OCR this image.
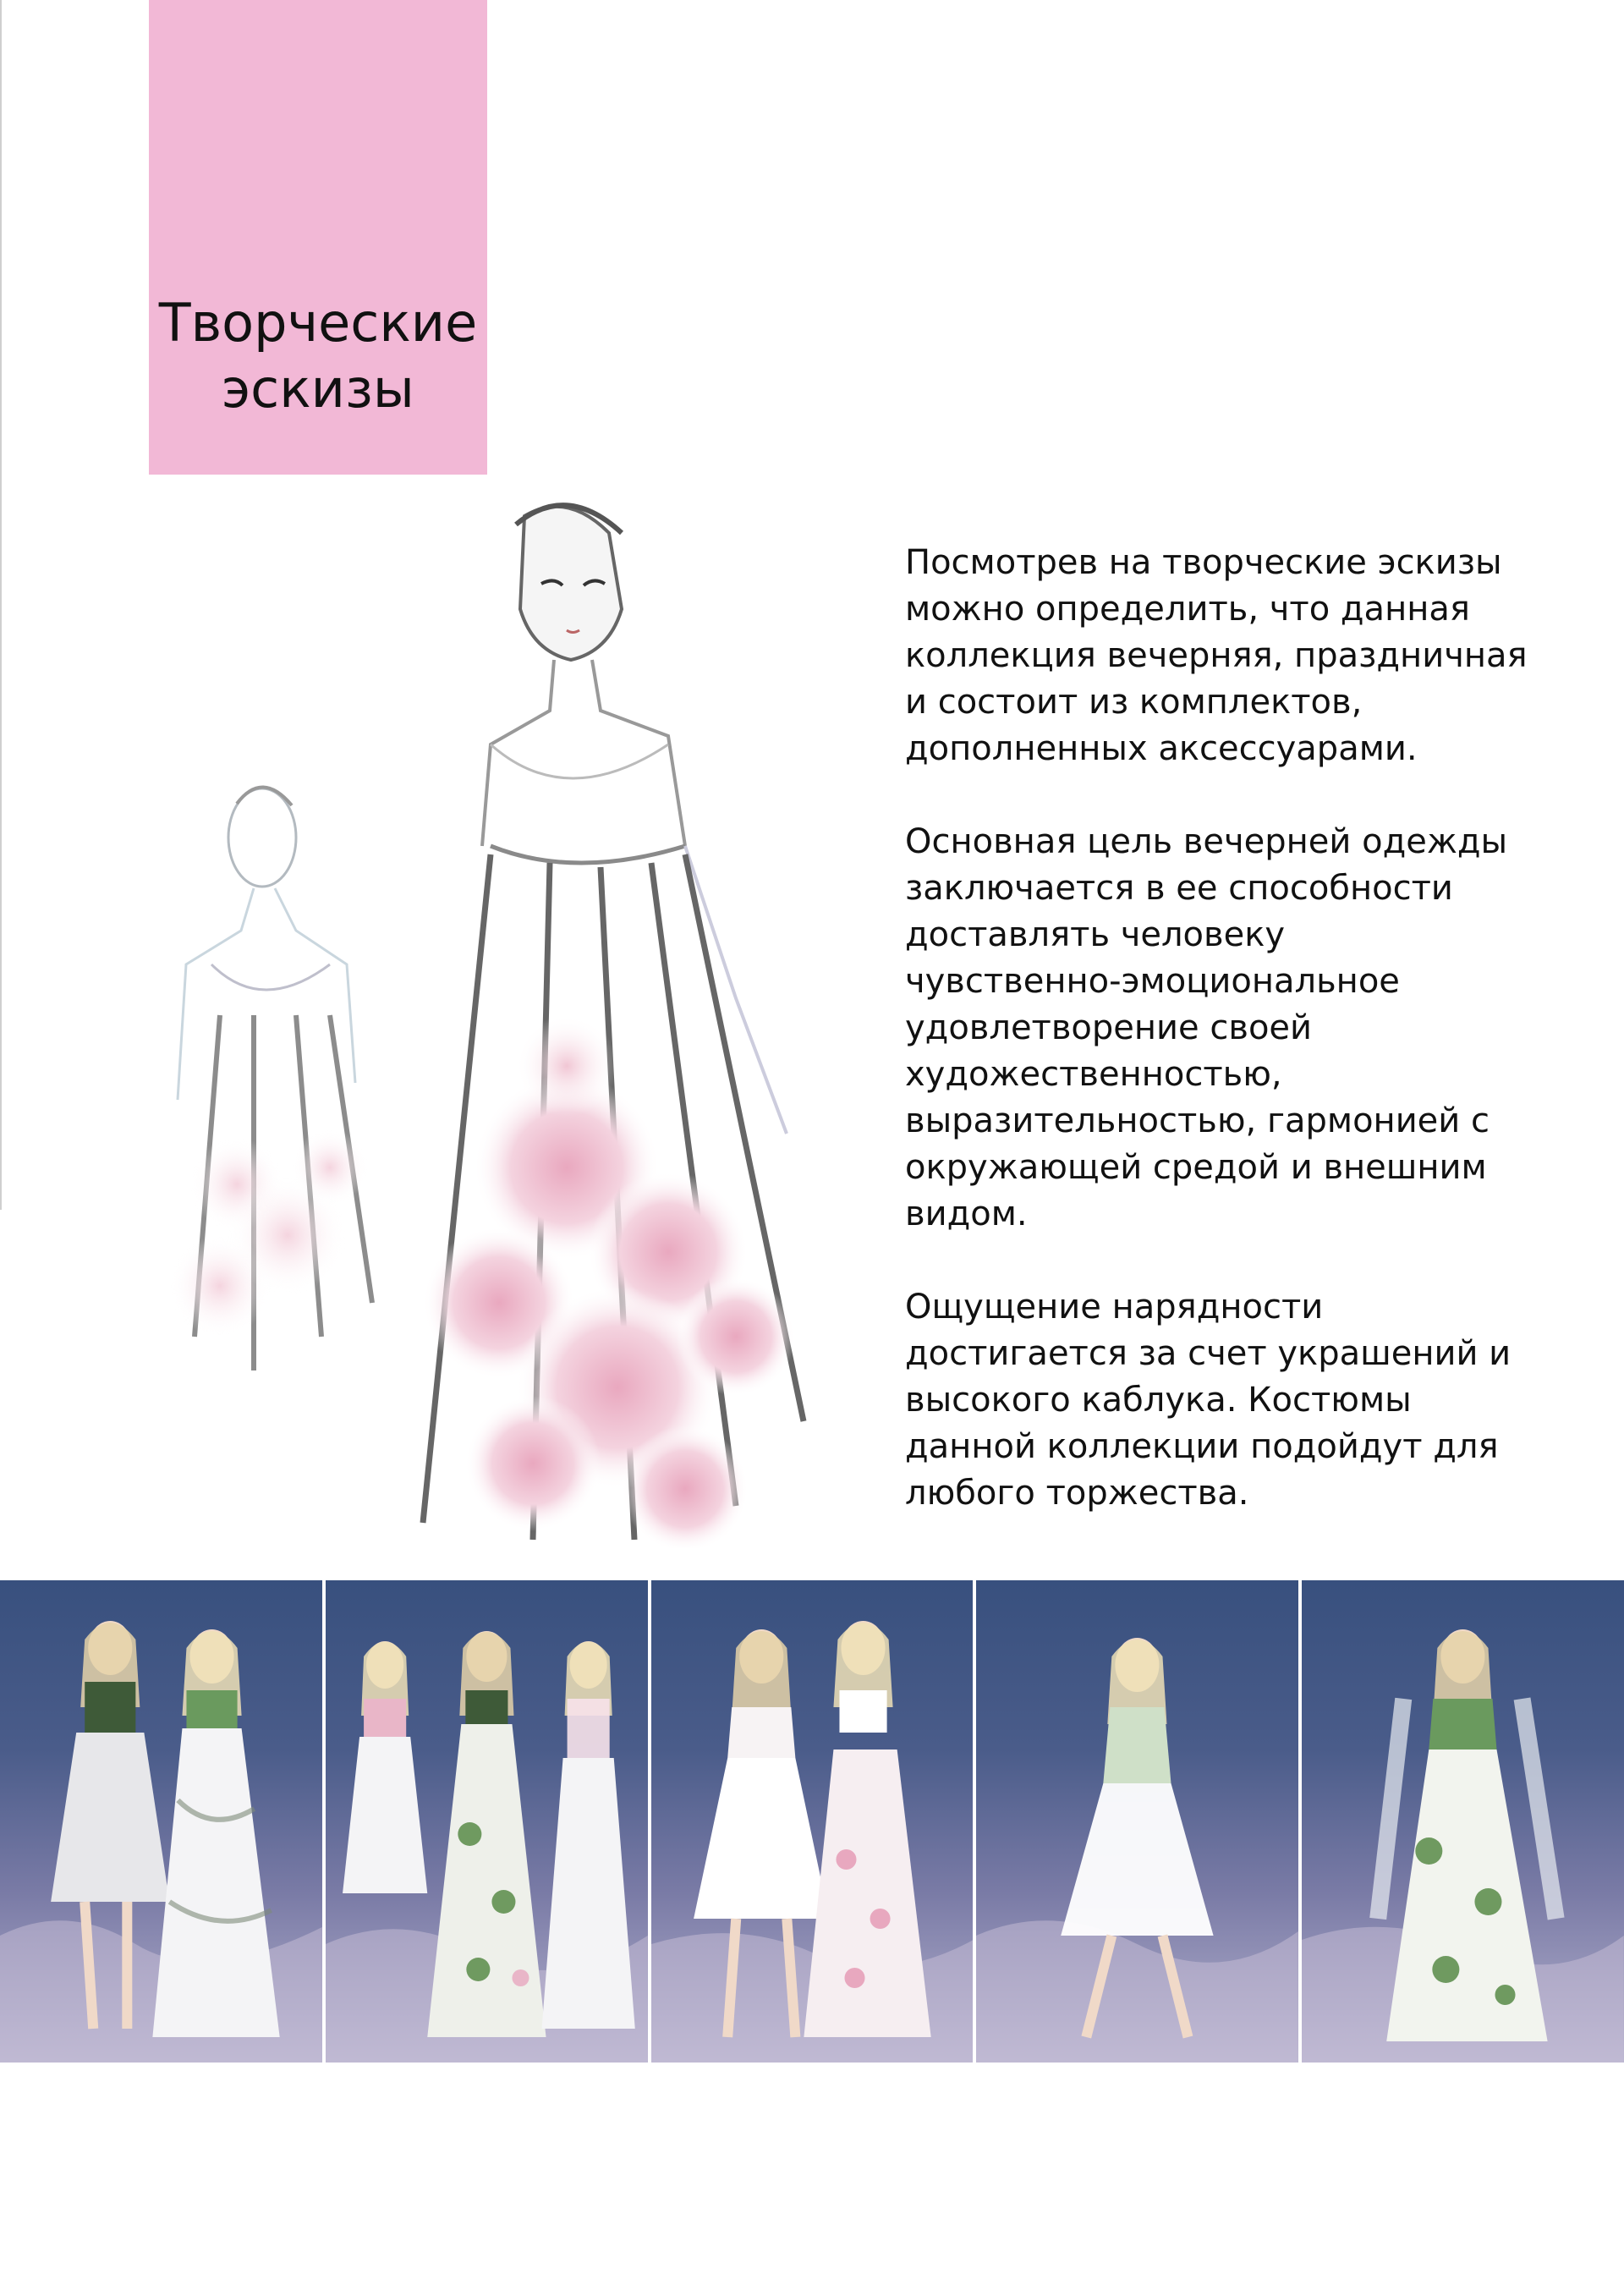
Творческие
эскизы

Посмотрев на творческие эскизы
можно определить, что данная
коллекция вечерняя, праздничная
и состоит из комплектов,
дополненных аксессуарами.

Основная цель вечерней одежды
заключается в ее способности
доставлять человеку
чувственно-эмоциональное
удовлетворение своей
художественностью,
выразительностью, гармонией с
окружающей средой и внешним
видом.

Ощущение нарядности
достигается за счет украшений и
высокого каблука. Костюмы
данной коллекции подойдут для
любого торжества.
